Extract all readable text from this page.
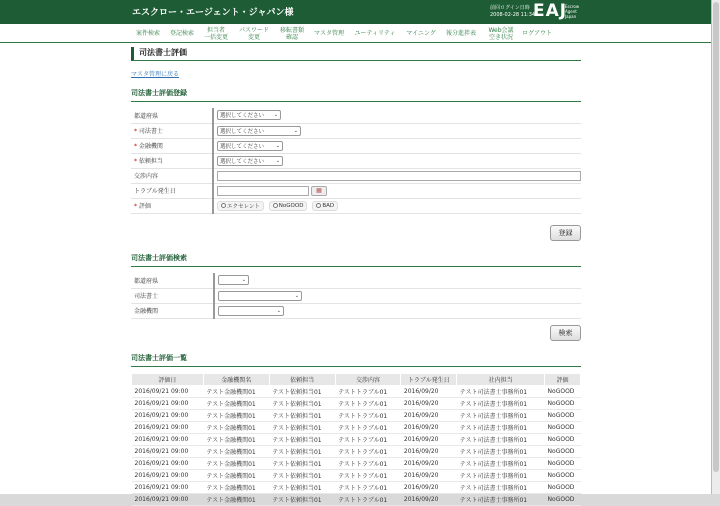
エスクロー・エージェント・ジャパン様	前回ログイン日時
2008-02-28 11:34
EAJ
Escrow
Agent
Japan
案件検索	登記検索	担当者
一括変更
パスワード
変更
移転書類
確認	マスタ管理	ユーティリティ	マイニング	報分進捗表	Web会議
空き状況	ログアウト
司法書士評価
マスタ管理に戻る
司法書士評価登録
都道府県	選択してください ⌄

* 司法書士	選択してください ⌄

* 金融機関	選択してください ⌄

* 依頼担当	選択してください ⌄

交渉内容	
トラブル発生日	▦
* 評価	エクセレント
NoGOOD
BAD
登録
司法書士評価検索
都道府県	⌄

司法書士	⌄

金融機関	⌄
検索
司法書士評価一覧
評価日	金融機関名	依頼担当	交渉内容	トラブル発生日	社内担当	評価
2016/09/21 09:00	テスト金融機関01	テスト依頼担当01	テストトラブル01	2016/09/20	テスト司法書士事務所01	NoGOOD
2016/09/21 09:00	テスト金融機関01	テスト依頼担当01	テストトラブル01	2016/09/20	テスト司法書士事務所01	NoGOOD
2016/09/21 09:00	テスト金融機関01	テスト依頼担当01	テストトラブル01	2016/09/20	テスト司法書士事務所01	NoGOOD
2016/09/21 09:00	テスト金融機関01	テスト依頼担当01	テストトラブル01	2016/09/20	テスト司法書士事務所01	NoGOOD
2016/09/21 09:00	テスト金融機関01	テスト依頼担当01	テストトラブル01	2016/09/20	テスト司法書士事務所01	NoGOOD
2016/09/21 09:00	テスト金融機関01	テスト依頼担当01	テストトラブル01	2016/09/20	テスト司法書士事務所01	NoGOOD
2016/09/21 09:00	テスト金融機関01	テスト依頼担当01	テストトラブル01	2016/09/20	テスト司法書士事務所01	NoGOOD
2016/09/21 09:00	テスト金融機関01	テスト依頼担当01	テストトラブル01	2016/09/20	テスト司法書士事務所01	NoGOOD
2016/09/21 09:00	テスト金融機関01	テスト依頼担当01	テストトラブル01	2016/09/20	テスト司法書士事務所01	NoGOOD
2016/09/21 09:00	テスト金融機関01	テスト依頼担当01	テストトラブル01	2016/09/20	テスト司法書士事務所01	NoGOOD
